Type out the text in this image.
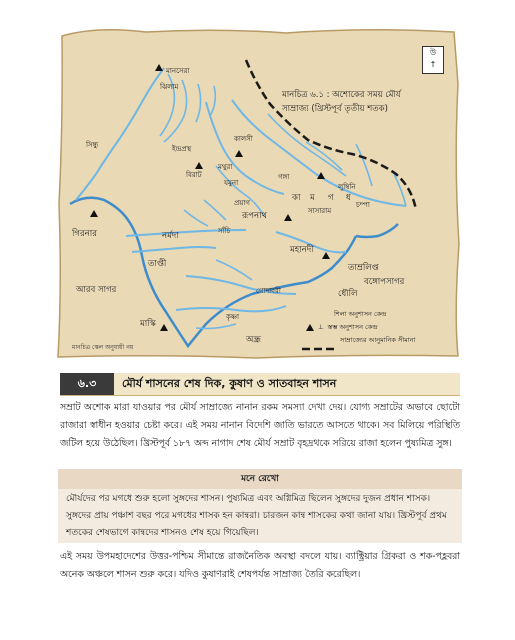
উ
↑
মানচিত্র ৬.১ : অশোকের সময় মৌর্য
সাম্রাজ্য (খ্রিস্টপূর্ব তৃতীয় শতক)
মানসেরা
ঝিলাম
সিন্ধু	ইন্দ্রপ্রস্থ
বিরাট
মথুরা
যমুনা
গঙ্গা
কালসী
লুম্বিনি
প্রয়াগ
রূপনাথ
সাঁচি
কা ম গ ধ
সাসারাম
চম্পা
গিরনার	নর্মদা
তাপ্তী
মহানদী
তাম্রলিপ্ত
ধৌলি
গোদাবরী
কৃষ্ণা
মাস্কি
অন্ধ্র
আরব সাগর
বঙ্গোপসাগর
শিলা অনুশাসন কেন্দ্র
⊥ স্তম্ভ অনুশাসন কেন্দ্র
সাম্রাজ্যের আনুমানিক সীমানা
মানচিত্র স্কেল অনুযায়ী নয়
৬.৩	মৌর্য শাসনের শেষ দিক, কুষাণ ও সাতবাহন শাসন
সম্রাট অশোক মারা যাওয়ার পর মৌর্য সাম্রাজ্যে নানান রকম সমস্যা দেখা দেয়। যোগ্য সম্রাটের অভাবে ছোটো রাজারা স্বাধীন হওয়ার চেষ্টা করে। এই সময় নানান বিদেশি জাতি ভারতে আসতে থাকে। সব মিলিয়ে পরিস্থিতি জটিল হয়ে উঠেছিল। খ্রিস্টপূর্ব ১৮৭ অব্দ নাগাদ শেষ মৌর্য সম্রাট বৃহদ্রথকে সরিয়ে রাজা হলেন পুষ্যমিত্র সুঙ্গ।
মনে রেখো
মৌর্যদের পর মগধে শুরু হলো সুঙ্গদের শাসন। পুষ্যমিত্র এবং অগ্নিমিত্র ছিলেন সুঙ্গদের দুজন প্রধান শাসক। সুঙ্গদের প্রায় পঞ্চাশ বছর পরে মগধের শাসক হন কান্বরা। চারজন কান্ব শাসকের কথা জানা যায়। খ্রিস্টপূর্ব প্রথম শতকের শেষভাগে কান্বদের শাসনও শেষ হয়ে গিয়েছিল।
এই সময় উপমহাদেশের উত্তর-পশ্চিম সীমান্তে রাজনৈতিক অবস্থা বদলে যায়। ব্যাক্ট্রিয়ার গ্রিকরা ও শক-পহ্লবরা অনেক অঞ্চলে শাসন শুরু করে। যদিও কুষাণরাই শেষপর্যন্ত সাম্রাজ্য তৈরি করেছিল।
